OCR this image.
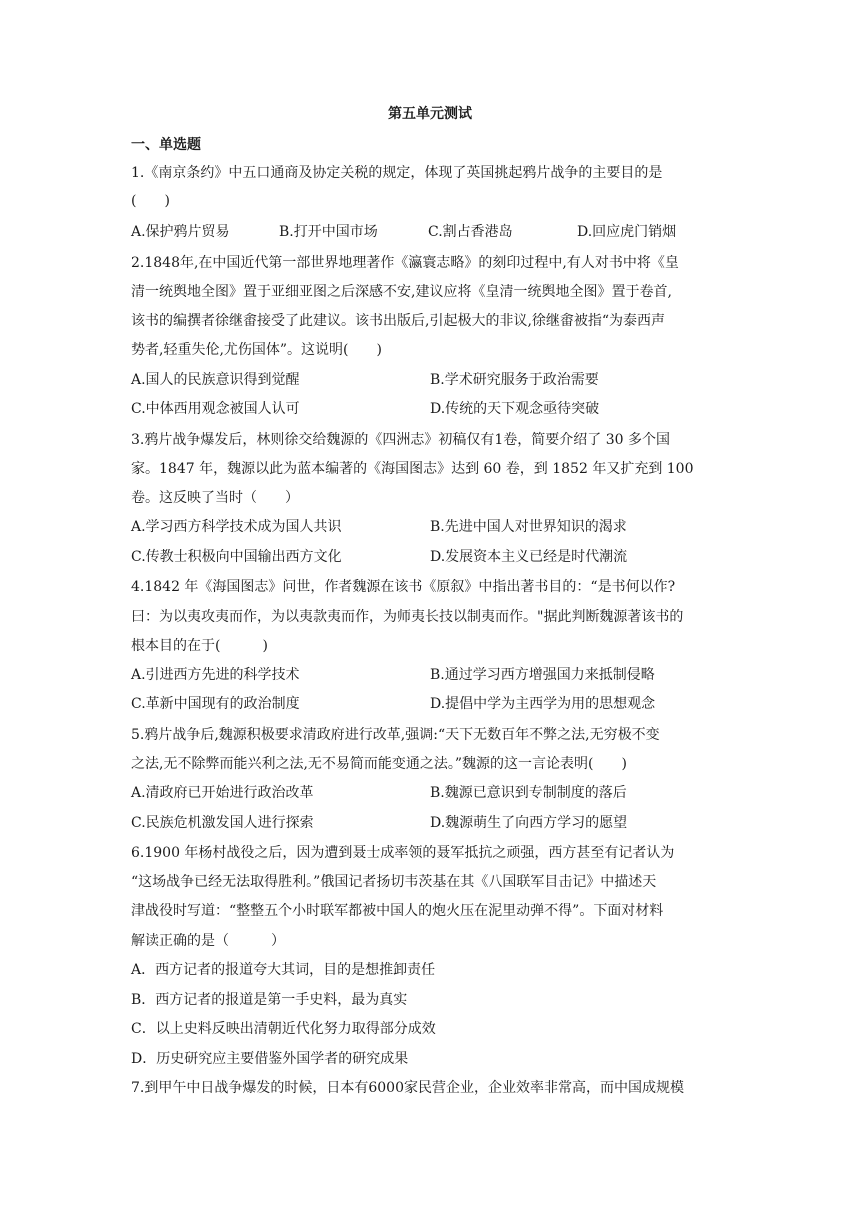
第五单元测试
一、单选题
1.《南京条约》中五口通商及协定关税的规定，体现了英国挑起鸦片战争的主要目的是
(　　)
A.保护鸦片贸易	B.打开中国市场	C.割占香港岛	D.回应虎门销烟
2.1848年,在中国近代第一部世界地理著作《瀛寰志略》的刻印过程中,有人对书中将《皇
清一统舆地全图》置于亚细亚图之后深感不安,建议应将《皇清一统舆地全图》置于卷首,
该书的编撰者徐继畬接受了此建议。该书出版后,引起极大的非议,徐继畬被指“为泰西声
势者,轻重失伦,尤伤国体”。这说明(　　)
A.国人的民族意识得到觉醒	B.学术研究服务于政治需要
C.中体西用观念被国人认可	D.传统的天下观念亟待突破
3.鸦片战争爆发后，林则徐交给魏源的《四洲志》初稿仅有1卷，简要介绍了 30 多个国
家。1847 年，魏源以此为蓝本编著的《海国图志》达到 60 卷，到 1852 年又扩充到 100
卷。这反映了当时（　　）
A.学习西方科学技术成为国人共识	B.先进中国人对世界知识的渴求
C.传教士积极向中国输出西方文化	D.发展资本主义已经是时代潮流
4.1842 年《海国图志》问世，作者魏源在该书《原叙》中指出著书目的：“是书何以作?
曰：为以夷攻夷而作，为以夷款夷而作，为师夷长技以制夷而作。"据此判断魏源著该书的
根本目的在于(　　　)
A.引进西方先进的科学技术	B.通过学习西方增强国力来抵制侵略
C.革新中国现有的政治制度	D.提倡中学为主西学为用的思想观念
5.鸦片战争后,魏源积极要求清政府进行改革,强调:“天下无数百年不弊之法,无穷极不变
之法,无不除弊而能兴利之法,无不易简而能变通之法。”魏源的这一言论表明(　　)
A.清政府已开始进行政治改革	B.魏源已意识到专制制度的落后
C.民族危机激发国人进行探索	D.魏源萌生了向西方学习的愿望
6.1900 年杨村战役之后，因为遭到聂士成率领的聂军抵抗之顽强，西方甚至有记者认为
“这场战争已经无法取得胜利。”俄国记者扬切韦茨基在其《八国联军目击记》中描述天
津战役时写道：“整整五个小时联军都被中国人的炮火压在泥里动弹不得”。下面对材料
解读正确的是（　　　）
A．西方记者的报道夸大其词，目的是想推卸责任
B．西方记者的报道是第一手史料，最为真实
C．以上史料反映出清朝近代化努力取得部分成效
D．历史研究应主要借鉴外国学者的研究成果
7.到甲午中日战争爆发的时候，日本有6000家民营企业，企业效率非常高，而中国成规模
